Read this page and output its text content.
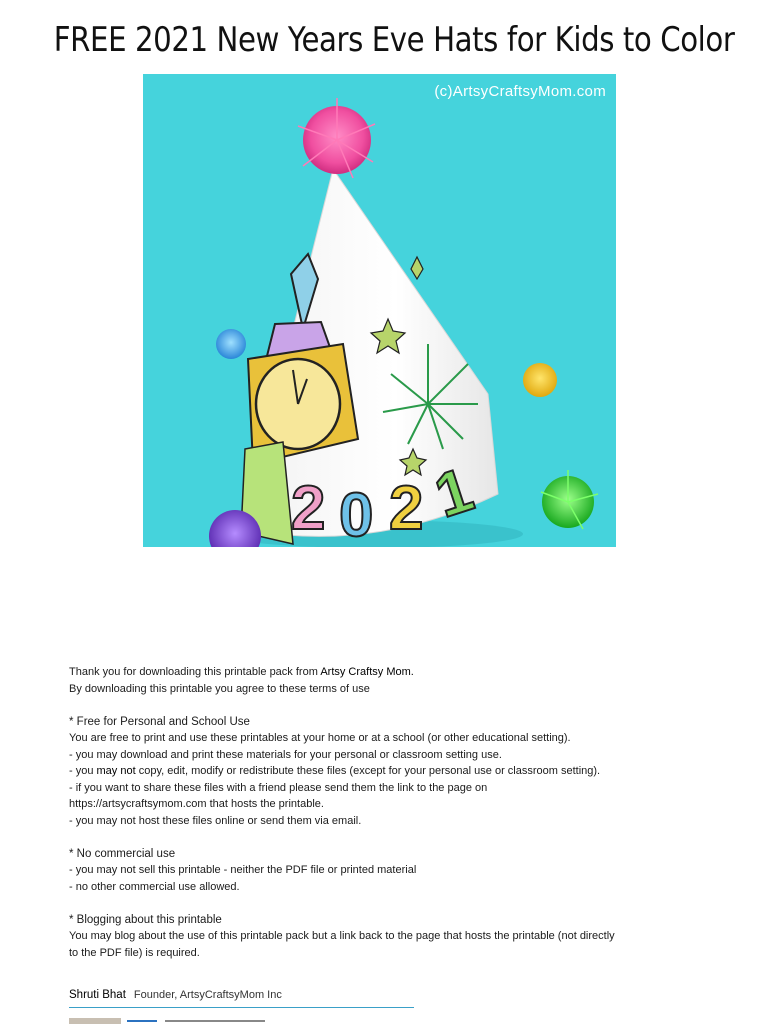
FREE 2021 New Years Eve Hats for Kids to Color
2 0 2 1
(c)ArtsyCraftsyMom.com

Thank you for downloading this printable pack from Artsy Craftsy Mom.

By downloading this printable you agree to these terms of use

* Free for Personal and School Use

You are free to print and use these printables at your home or at a school (or other educational setting).

- you may download and print these materials for your personal or classroom setting use.

- you may not copy, edit, modify or redistribute these files (except for your personal use or classroom setting).

- if you want to share these files with a friend please send them the link to the page on

https://artsycraftsymom.com that hosts the printable.

- you may not host these files online or send them via email.

* No commercial use

- you may not sell this printable - neither the PDF file or printed material

- no other commercial use allowed.

* Blogging about this printable

You may blog about the use of this printable pack but a link back to the page that hosts the printable (not directly

to the PDF file) is required.

Shruti Bhat Founder, ArtsyCraftsyMom Inc
